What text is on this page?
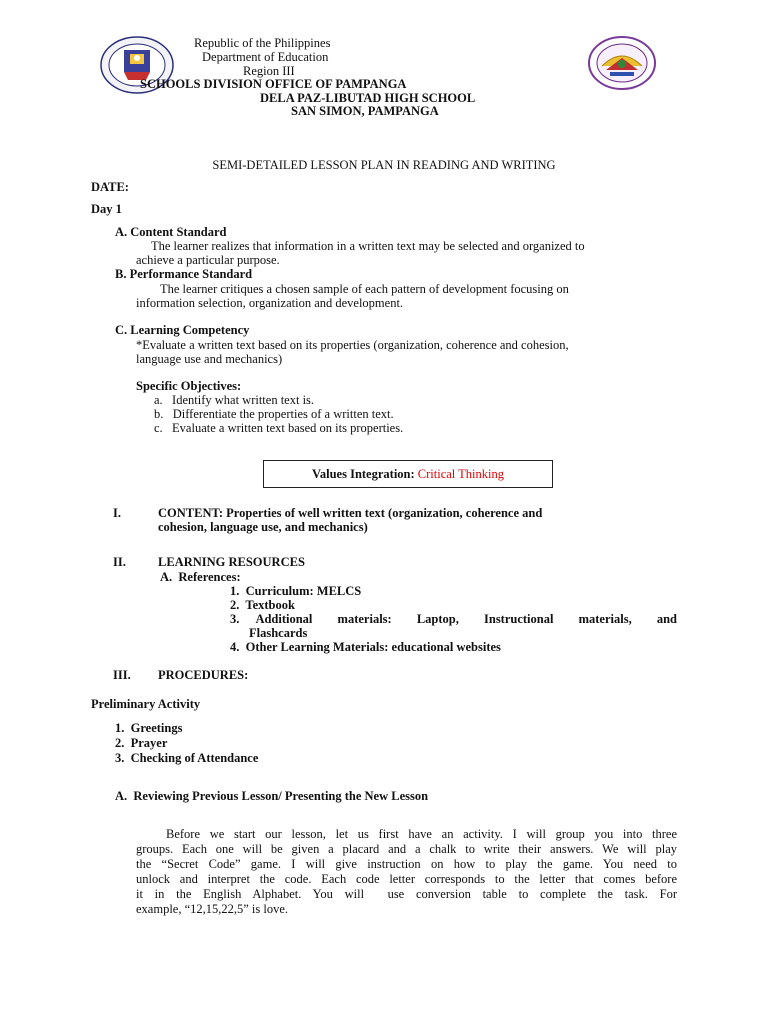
Republic of the Philippines
Department of Education
Region III
SCHOOLS DIVISION OFFICE OF PAMPANGA
DELA PAZ-LIBUTAD HIGH SCHOOL
SAN SIMON, PAMPANGA
SEMI-DETAILED LESSON PLAN IN READING AND WRITING
DATE:
Day 1
A. Content Standard
The learner realizes that information in a written text may be selected and organized to
achieve a particular purpose.
B. Performance Standard
The learner critiques a chosen sample of each pattern of development focusing on
information selection, organization and development.
C. Learning Competency
*Evaluate a written text based on its properties (organization, coherence and cohesion,
language use and mechanics)
Specific Objectives:
a.   Identify what written text is.
b.   Differentiate the properties of a written text.
c.   Evaluate a written text based on its properties.
Values Integration: Critical Thinking
I.	CONTENT: Properties of well written text (organization, coherence and
cohesion, language use, and mechanics)
II.	LEARNING RESOURCES
A.  References:
1.  Curriculum: MELCS
2.  Textbook
3.  Additional   materials:   Laptop,   Instructional   materials,   and
Flashcards
4.  Other Learning Materials: educational websites
III. PROCEDURES:
Preliminary Activity
1.  Greetings
2.  Prayer
3.  Checking of Attendance
A.  Reviewing Previous Lesson/ Presenting the New Lesson
Before we start our lesson, let us first have an activity. I will group you into three
groups. Each one will be given a placard and a chalk to write their answers. We will play
the “Secret Code” game. I will give instruction on how to play the game. You need to
unlock and interpret the code. Each code letter corresponds to the letter that comes before
it in the English Alphabet. You will  use conversion table to complete the task. For
example, “12,15,22,5” is love.
